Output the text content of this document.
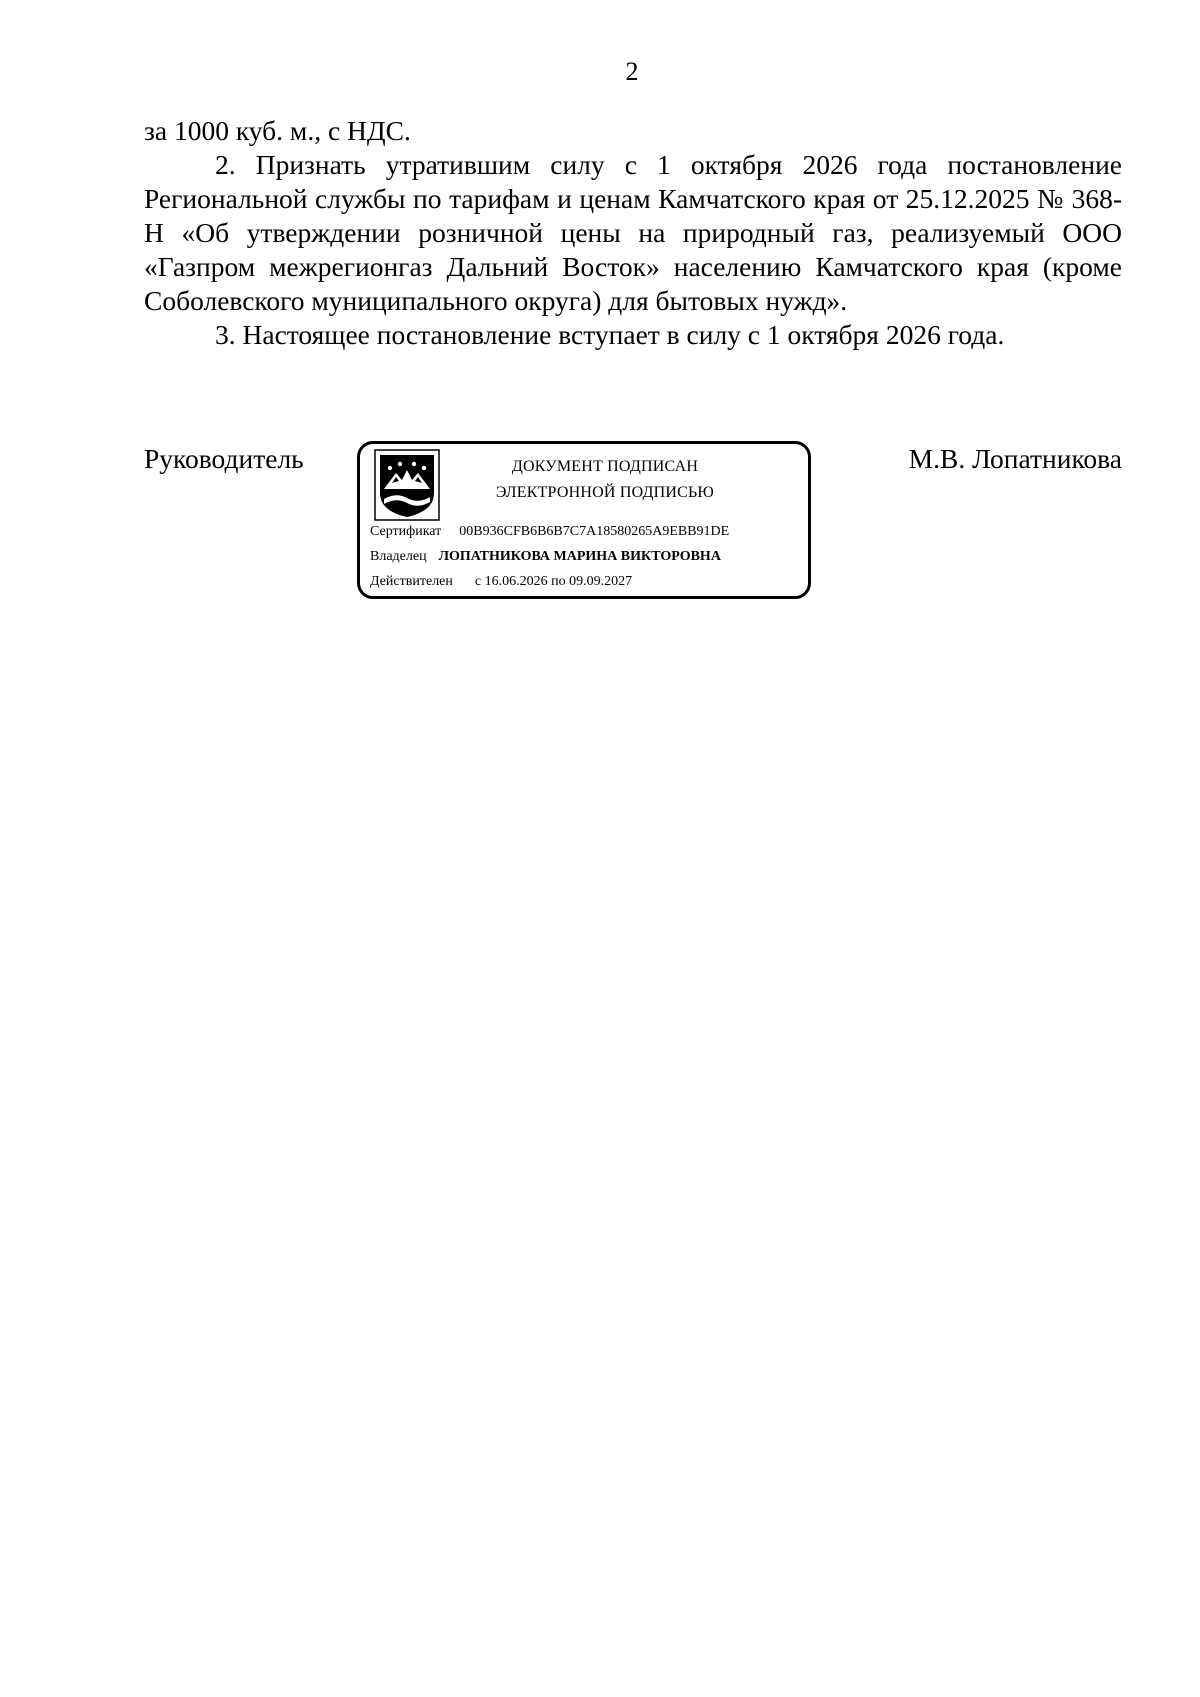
2

за 1000 куб. м., с НДС.

2. Признать утратившим силу с 1 октября 2026 года постановление Региональной службы по тарифам и ценам Камчатского края от 25.12.2025 № 368-Н «Об утверждении розничной цены на природный газ, реализуемый ООО «Газпром межрегионгаз Дальний Восток» населению Камчатского края (кроме Соболевского муниципального округа) для бытовых нужд».

3. Настоящее постановление вступает в силу с 1 октября 2026 года.

Руководитель	ДОКУМЕНТ ПОДПИСАН
ЭЛЕКТРОННОЙ ПОДПИСЬЮ
Сертификат 00B936CFB6B6B7C7A18580265A9EBB91DE
Владелец ЛОПАТНИКОВА МАРИНА ВИКТОРОВНА
Действителен с 16.06.2026 по 09.09.2027
М.В. Лопатникова
